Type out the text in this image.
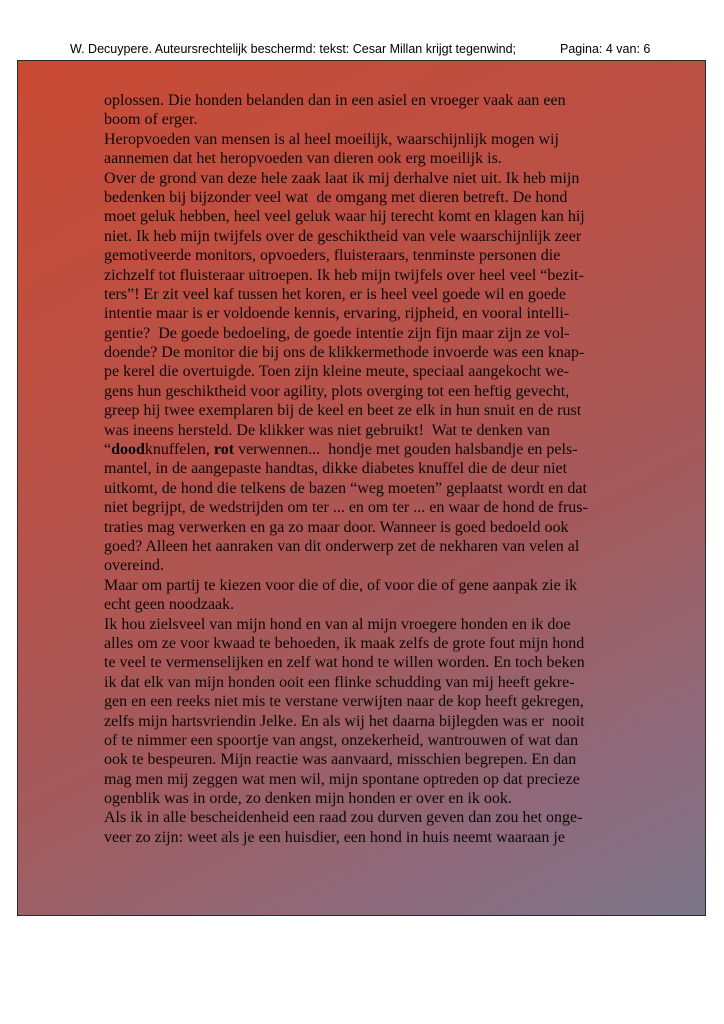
W. Decuypere. Auteursrechtelijk beschermd: tekst: Cesar Millan krijgt tegenwind;	Pagina: 4 van: 6
oplossen. Die honden belanden dan in een asiel en vroeger vaak aan een
boom of erger.
Heropvoeden van mensen is al heel moeilijk, waarschijnlijk mogen wij
aannemen dat het heropvoeden van dieren ook erg moeilijk is.
Over de grond van deze hele zaak laat ik mij derhalve niet uit. Ik heb mijn
bedenken bij bijzonder veel wat  de omgang met dieren betreft. De hond
moet geluk hebben, heel veel geluk waar hij terecht komt en klagen kan hij
niet. Ik heb mijn twijfels over de geschiktheid van vele waarschijnlijk zeer
gemotiveerde monitors, opvoeders, fluisteraars, tenminste personen die
zichzelf tot fluisteraar uitroepen. Ik heb mijn twijfels over heel veel “bezit-
ters”! Er zit veel kaf tussen het koren, er is heel veel goede wil en goede
intentie maar is er voldoende kennis, ervaring, rijpheid, en vooral intelli-
gentie?  De goede bedoeling, de goede intentie zijn fijn maar zijn ze vol-
doende? De monitor die bij ons de klikkermethode invoerde was een knap-
pe kerel die overtuigde. Toen zijn kleine meute, speciaal aangekocht we-
gens hun geschiktheid voor agility, plots overging tot een heftig gevecht,
greep hij twee exemplaren bij de keel en beet ze elk in hun snuit en de rust
was ineens hersteld. De klikker was niet gebruikt!  Wat te denken van
“doodknuffelen, rot verwennen...  hondje met gouden halsbandje en pels-
mantel, in de aangepaste handtas, dikke diabetes knuffel die de deur niet
uitkomt, de hond die telkens de bazen “weg moeten” geplaatst wordt en dat
niet begrijpt, de wedstrijden om ter ... en om ter ... en waar de hond de frus-
traties mag verwerken en ga zo maar door. Wanneer is goed bedoeld ook
goed? Alleen het aanraken van dit onderwerp zet de nekharen van velen al
overeind.
Maar om partij te kiezen voor die of die, of voor die of gene aanpak zie ik
echt geen noodzaak.
Ik hou zielsveel van mijn hond en van al mijn vroegere honden en ik doe
alles om ze voor kwaad te behoeden, ik maak zelfs de grote fout mijn hond
te veel te vermenselijken en zelf wat hond te willen worden. En toch beken
ik dat elk van mijn honden ooit een flinke schudding van mij heeft gekre-
gen en een reeks niet mis te verstane verwijten naar de kop heeft gekregen,
zelfs mijn hartsvriendin Jelke. En als wij het daarna bijlegden was er  nooit
of te nimmer een spoortje van angst, onzekerheid, wantrouwen of wat dan
ook te bespeuren. Mijn reactie was aanvaard, misschien begrepen. En dan
mag men mij zeggen wat men wil, mijn spontane optreden op dat precieze
ogenblik was in orde, zo denken mijn honden er over en ik ook.
Als ik in alle bescheidenheid een raad zou durven geven dan zou het onge-
veer zo zijn: weet als je een huisdier, een hond in huis neemt waaraan je
